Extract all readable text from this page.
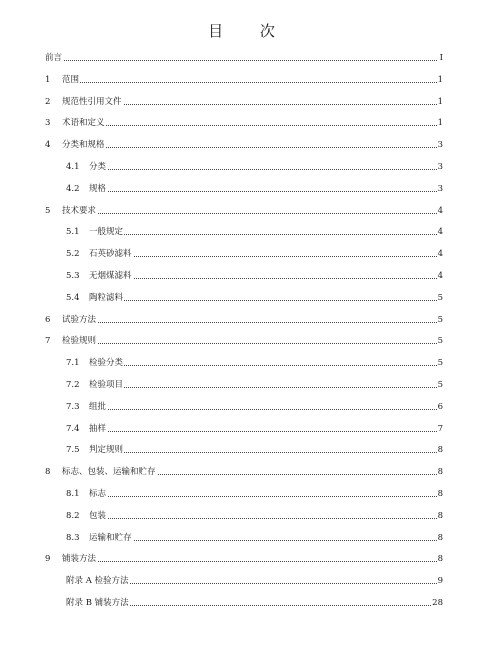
目 次
前言	Ⅰ
1 范围	1
2 规范性引用文件	1
3 术语和定义	1
4 分类和规格	3
4.1 分类	3
4.2 规格	3
5 技术要求	4
5.1 一般规定	4
5.2 石英砂滤料	4
5.3 无烟煤滤料	4
5.4 陶粒滤料	5
6 试验方法	5
7 检验规则	5
7.1 检验分类	5
7.2 检验项目	5
7.3 组批	6
7.4 抽样	7
7.5 判定规则	8
8 标志、包装、运输和贮存	8
8.1 标志	8
8.2 包装	8
8.3 运输和贮存	8
9 铺装方法	8
附录 A 检验方法	9
附录 B 铺装方法	28
